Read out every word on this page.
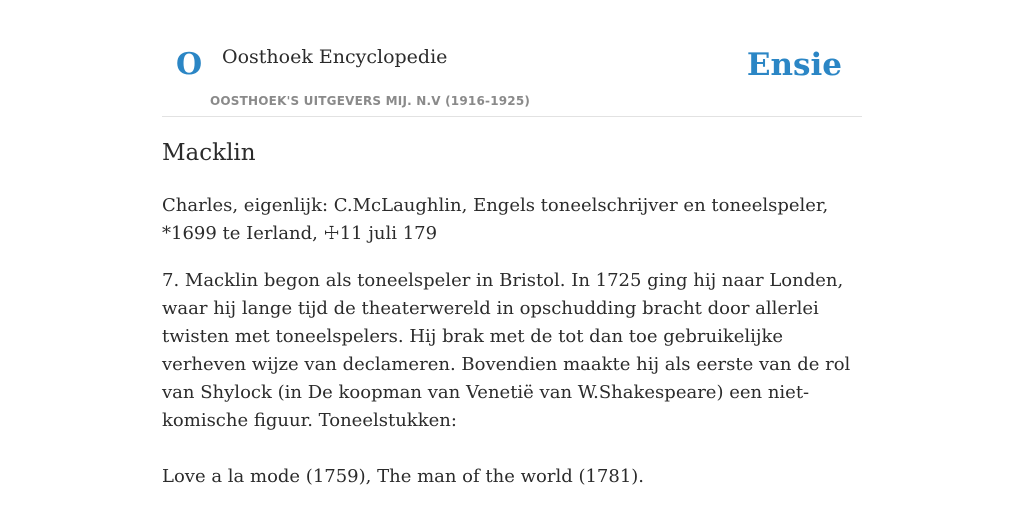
O Oosthoek Encyclopedie
OOSTHOEK'S UITGEVERS MIJ. N.V (1916-1925)
Ensie
Macklin

Charles, eigenlijk: C.McLaughlin, Engels toneelschrijver en toneelspeler, *1699 te Ierland, ☩11 juli 179

7. Macklin begon als toneelspeler in Bristol. In 1725 ging hij naar Londen, waar hij lange tijd de theaterwereld in opschudding bracht door allerlei twisten met toneelspelers. Hij brak met de tot dan toe gebruikelijke verheven wijze van declameren. Bovendien maakte hij als eerste van de rol van Shylock (in De koopman van Venetië van W.Shakespeare) een niet-komische figuur. Toneelstukken:

Love a la mode (1759), The man of the world (1781).
